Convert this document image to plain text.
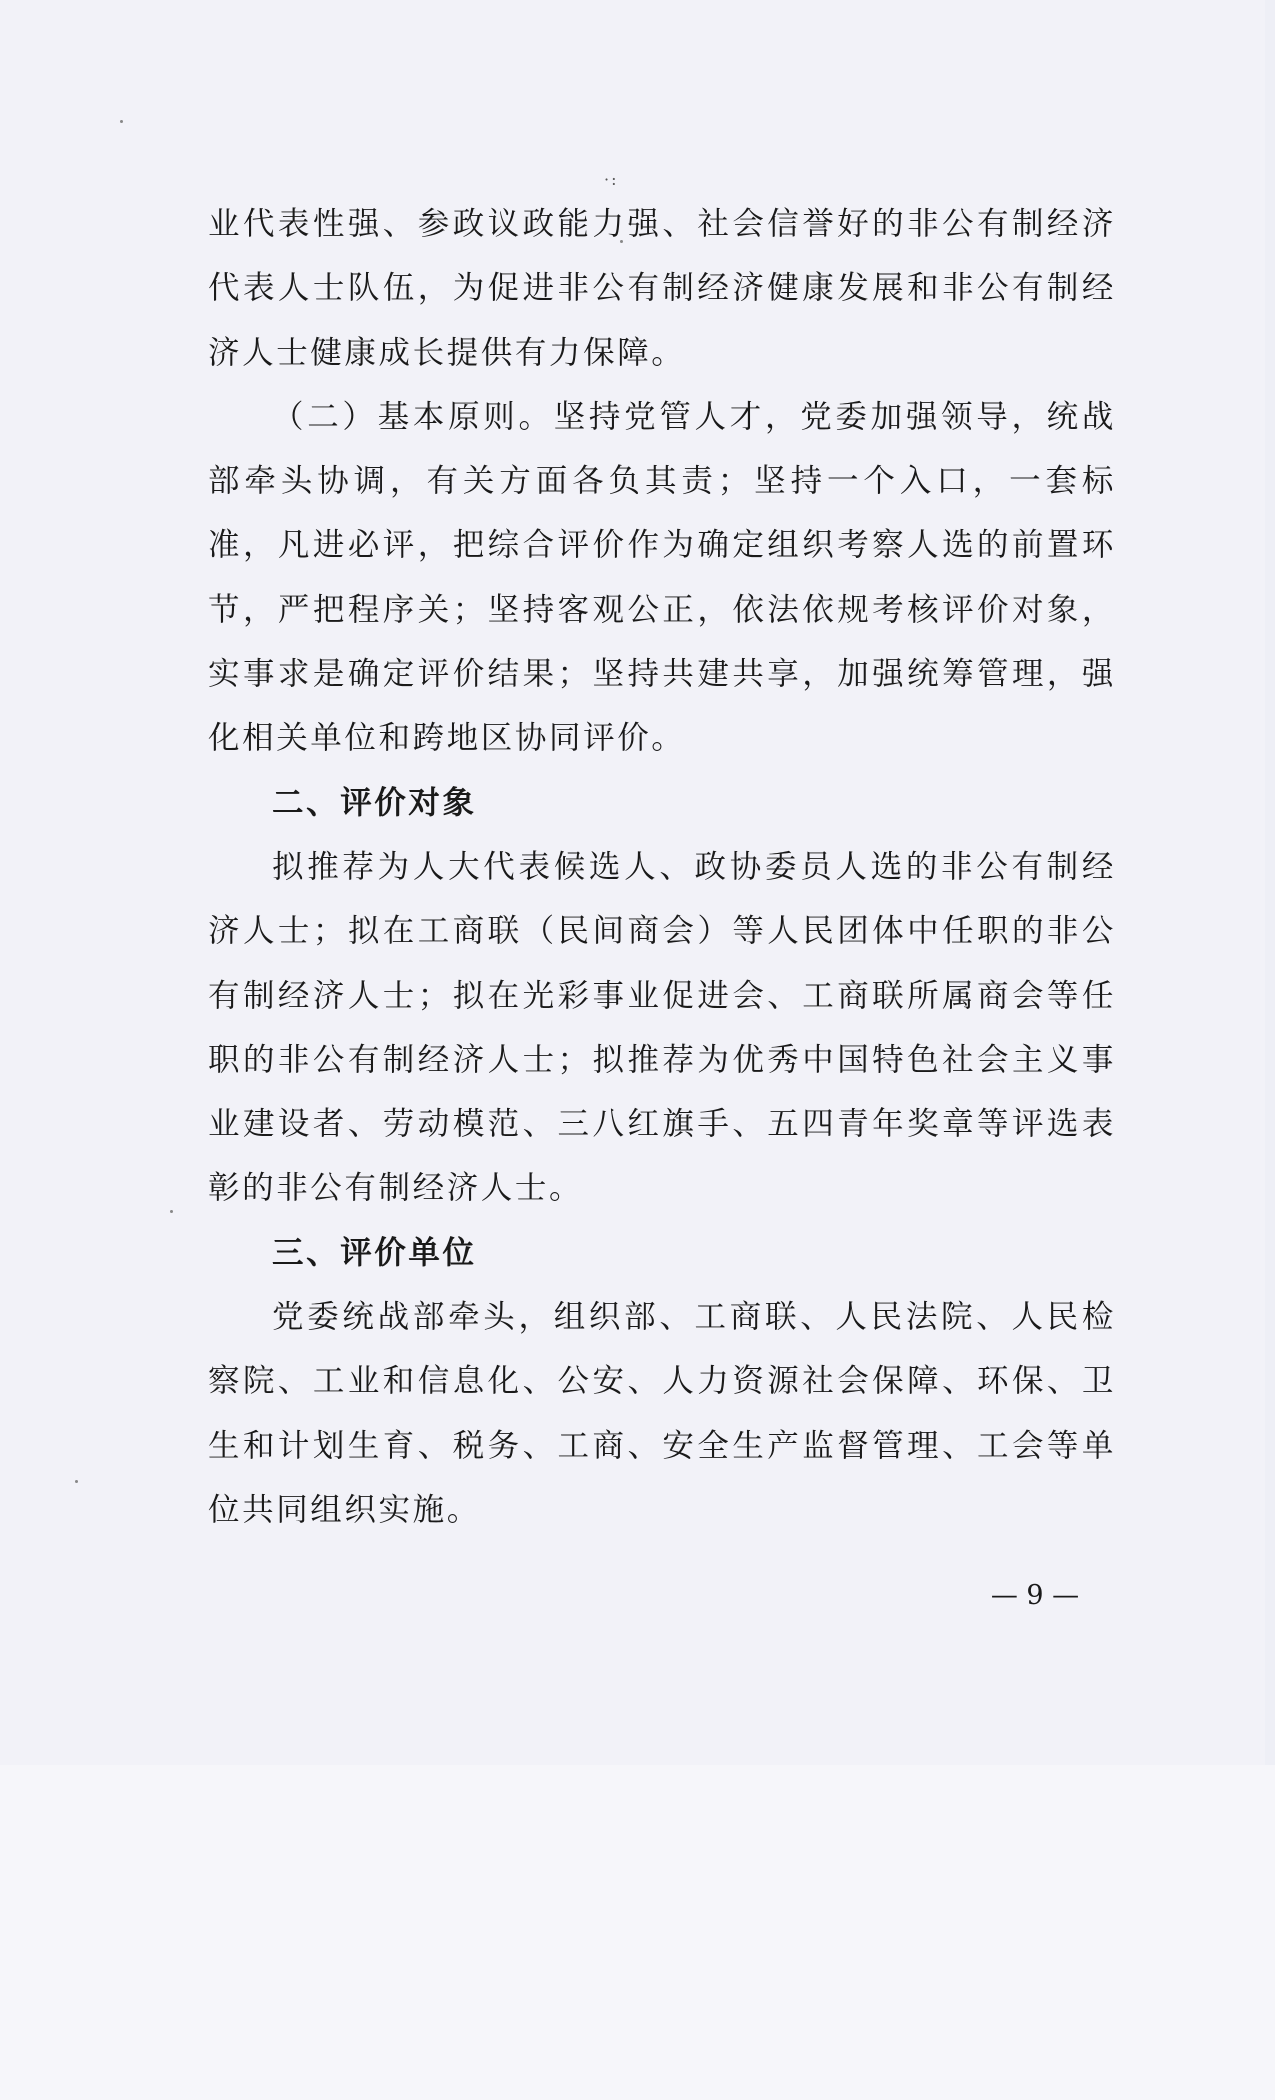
·:

业代表性强、参政议政能力强、社会信誉好的非公有制经济代表人士队伍，为促进非公有制经济健康发展和非公有制经济人士健康成长提供有力保障。

（二）基本原则。坚持党管人才，党委加强领导，统战部牵头协调，有关方面各负其责；坚持一个入口，一套标准，凡进必评，把综合评价作为确定组织考察人选的前置环节，严把程序关；坚持客观公正，依法依规考核评价对象，实事求是确定评价结果；坚持共建共享，加强统筹管理，强化相关单位和跨地区协同评价。

二、评价对象

拟推荐为人大代表候选人、政协委员人选的非公有制经济人士；拟在工商联（民间商会）等人民团体中任职的非公有制经济人士；拟在光彩事业促进会、工商联所属商会等任职的非公有制经济人士；拟推荐为优秀中国特色社会主义事业建设者、劳动模范、三八红旗手、五四青年奖章等评选表彰的非公有制经济人士。

三、评价单位

党委统战部牵头，组织部、工商联、人民法院、人民检察院、工业和信息化、公安、人力资源社会保障、环保、卫生和计划生育、税务、工商、安全生产监督管理、工会等单位共同组织实施。

— 9 —
